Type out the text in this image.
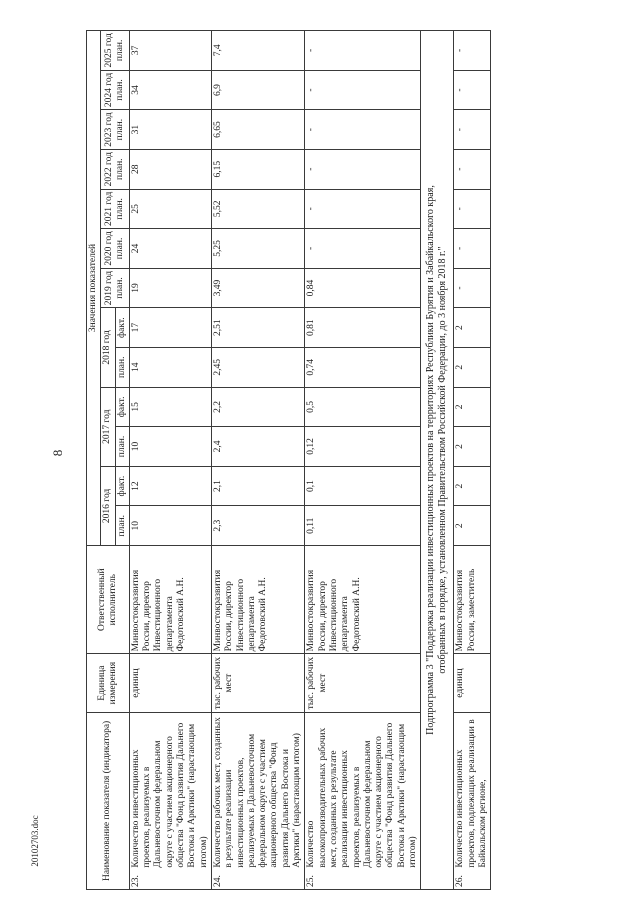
8
20102703.doc	Наименование показателя (индикатора)		Единица измерения	Ответственный исполнитель	Значения показателей												
				2016 год		2017 год		2018 год		2019 год план.	2020 год план.	2021 год план.	2022 год план.	2023 год план.	2024 год план.	2025 год план.
				план.	факт.	план.	факт.	план.	факт.							
23.	Количество инвестиционных проектов, реализуемых в Дальневосточном федеральном округе с участием акционерного общества "Фонд развития Дальнего Востока и Арктики" (нарастающим итогом)	единиц	Минвостокразвития России, директор Инвестиционного департамента Федотовский А.Н.	10	12	10	15	14	17	19	24	25	28	31	34	37
24.	Количество рабочих мест, созданных в результате реализации инвестиционных проектов, реализуемых в Дальневосточном федеральном округе с участием акционерного общества "Фонд развития Дальнего Востока и Арктики" (нарастающим итогом)	тыс. рабочих мест	Минвостокразвития России, директор Инвестиционного департамента Федотовский А.Н.	2,3	2,1	2,4	2,2	2,45	2,51	3,49	5,25	5,52	6,15	6,65	6,9	7,4
25.	Количество высокопроизводительных рабочих мест, созданных в результате реализации инвестиционных проектов, реализуемых в Дальневосточном федеральном округе с участием акционерного общества "Фонд развития Дальнего Востока и Арктики" (нарастающим итогом)	тыс. рабочих мест	Минвостокразвития России, директор Инвестиционного департамента Федотовский А.Н.	0,11	0,1	0,12	0,5	0,74	0,81	0,84	-	-	-	-	-	-

Подпрограмма 3 "Поддержка реализации инвестиционных проектов на территориях Республики Бурятия и Забайкальского края, отобранных в порядке, установленном Правительством Российской Федерации, до 3 ноября 2018 г."																

26.	Количество инвестиционных проектов, подлежащих реализации в Байкальском регионе,	единиц	Минвостокразвития России, заместитель	2	2	2	2	2	2	-	-	-	-	-	-	-
